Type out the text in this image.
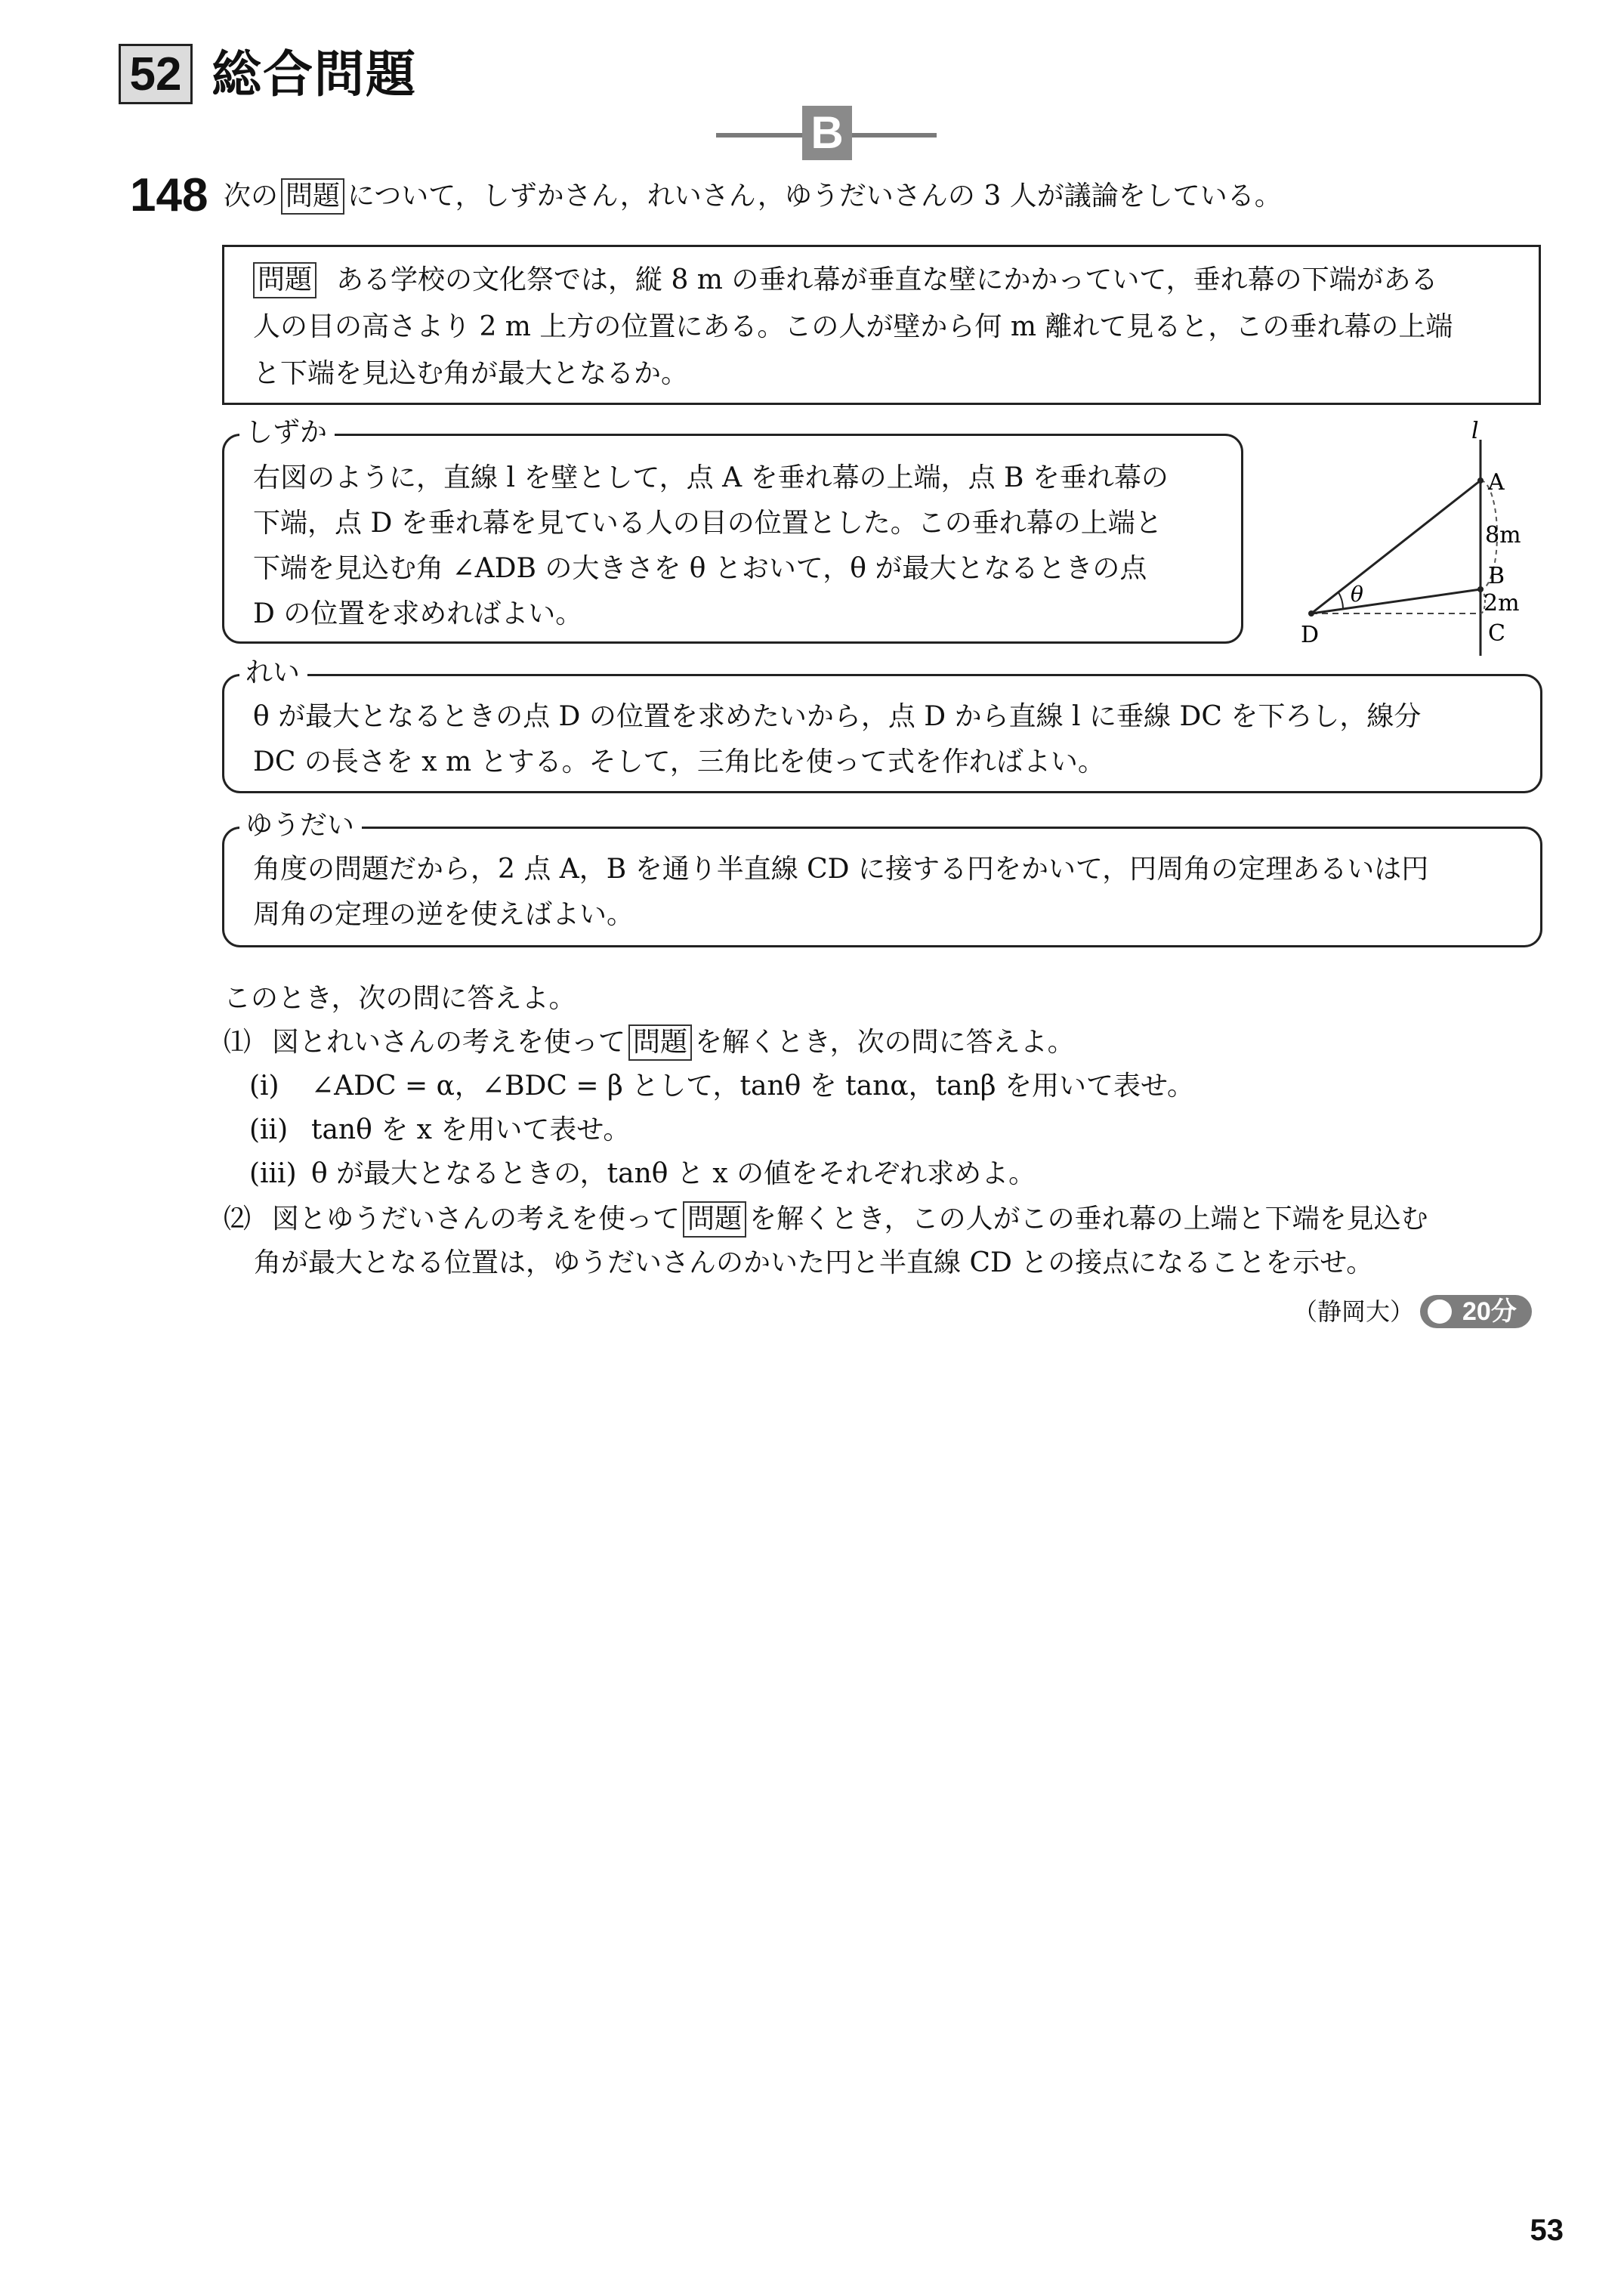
52 総合問題
B
148 次の 問題 について，しずかさん，れいさん，ゆうだいさんの 3 人が議論をしている。
問題 ある学校の文化祭では，縦 8 m の垂れ幕が垂直な壁にかかっていて，垂れ幕の下端がある
人の目の高さより 2 m 上方の位置にある。この人が壁から何 m 離れて見ると，この垂れ幕の上端
と下端を見込む角が最大となるか。
しずか
右図のように，直線 l を壁として，点 A を垂れ幕の上端，点 B を垂れ幕の
下端，点 D を垂れ幕を見ている人の目の位置とした。この垂れ幕の上端と
下端を見込む角 ∠ADB の大きさを θ とおいて，θ が最大となるときの点
D の位置を求めればよい。
l
A
B
C
D
8m
2m
θ
れい
θ が最大となるときの点 D の位置を求めたいから，点 D から直線 l に垂線 DC を下ろし，線分
DC の長さを x m とする。そして，三角比を使って式を作ればよい。
ゆうだい
角度の問題だから，2 点 A，B を通り半直線 CD に接する円をかいて，円周角の定理あるいは円
周角の定理の逆を使えばよい。
このとき，次の問に答えよ。
⑴ 図とれいさんの考えを使って 問題 を解くとき，次の問に答えよ。
(ⅰ) ∠ADC = α，∠BDC = β として，tanθ を tanα，tanβ を用いて表せ。
(ⅱ) tanθ を x を用いて表せ。
(ⅲ) θ が最大となるときの，tanθ と x の値をそれぞれ求めよ。
⑵ 図とゆうだいさんの考えを使って 問題 を解くとき，この人がこの垂れ幕の上端と下端を見込む
角が最大となる位置は，ゆうだいさんのかいた円と半直線 CD との接点になることを示せ。
（静岡大）	20分
53
